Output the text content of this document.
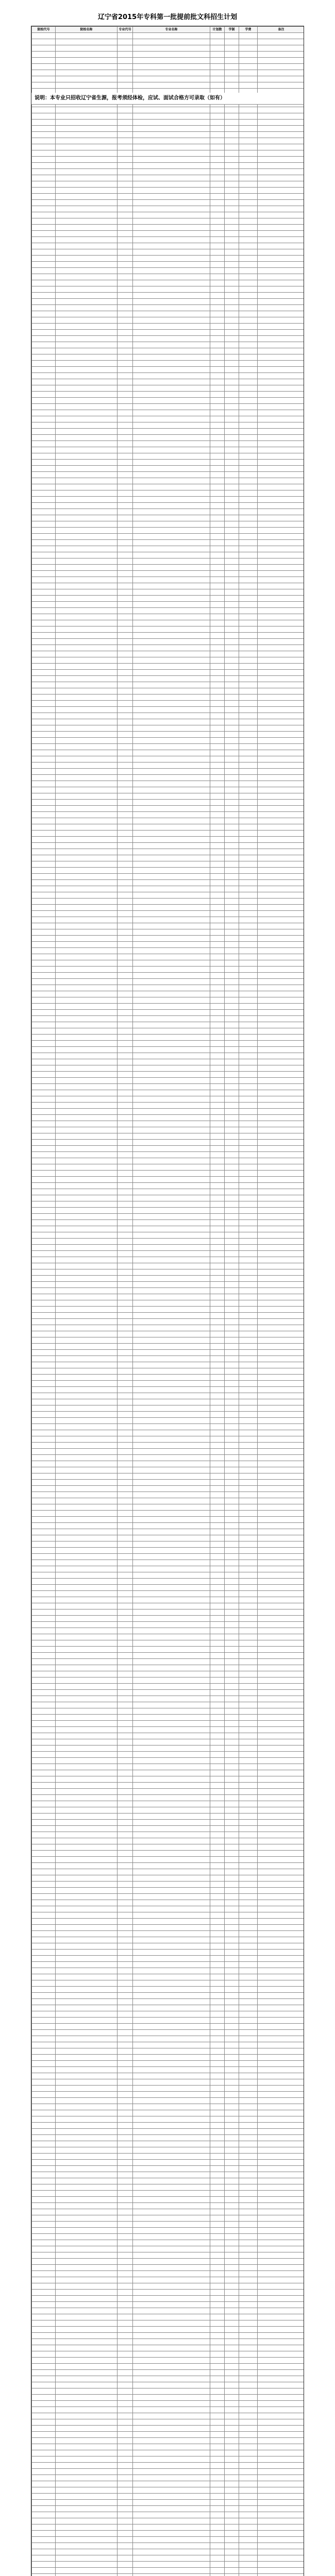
辽宁省2015年专科第一批提前批文科招生计划
院校代号	院校名称	专业代号	专业名称	计划数	学制	学费	备注

说明：本专业只招收辽宁省生源，报考须经体检，应试、面试合格方可录取（如有）
